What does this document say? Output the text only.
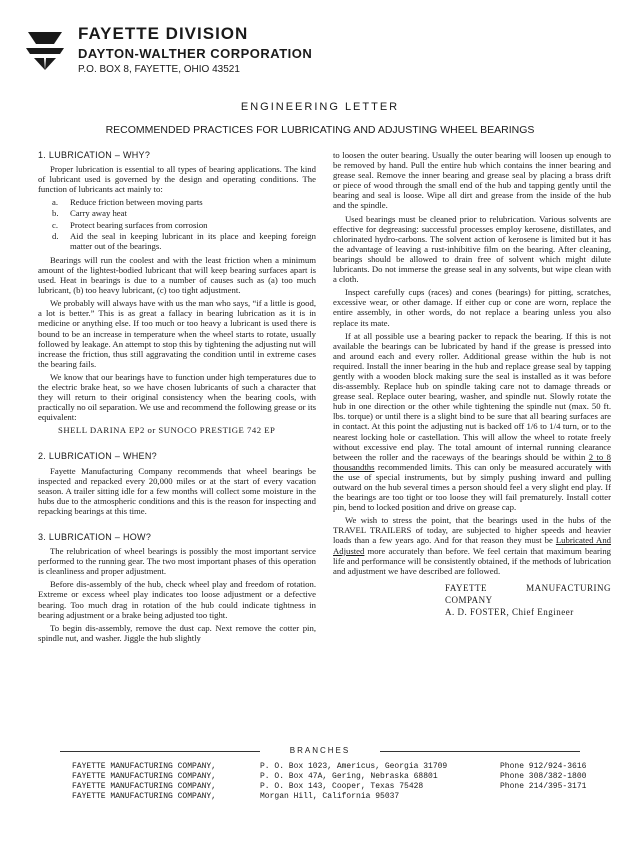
FAYETTE DIVISION
DAYTON-WALTHER CORPORATION
P.O. BOX 8, FAYETTE, OHIO 43521
ENGINEERING LETTER
RECOMMENDED PRACTICES FOR LUBRICATING AND ADJUSTING WHEEL BEARINGS
1. LUBRICATION – WHY?

Proper lubrication is essential to all types of bearing applications. The kind of lubricant used is governed by the design and operating conditions. The function of lubricants act mainly to:

a.	Reduce friction between moving parts
b.	Carry away heat
c.	Protect bearing surfaces from corrosion
d.	Aid the seal in keeping lubricant in its place and keeping foreign matter out of the bearings.

Bearings will run the coolest and with the least friction when a minimum amount of the lightest-bodied lubricant that will keep bearing surfaces apart is used. Heat in bearings is due to a number of causes such as (a) too much lubricant, (b) too heavy lubricant, (c) too tight adjustment.

We probably will always have with us the man who says, “if a little is good, a lot is better.” This is as great a fallacy in bearing lubrication as it is in medicine or anything else. If too much or too heavy a lubricant is used there is bound to be an increase in temperature when the wheel starts to rotate, usually followed by leakage. An attempt to stop this by tightening the adjusting nut will increase the friction, thus still aggravating the condition until in extreme cases the bearing fails.

We know that our bearings have to function under high temperatures due to the electric brake heat, so we have chosen lubricants of such a character that they will return to their original consistency when the bearing cools, with practically no oil separation. We use and recommend the following grease or its equivalent:

SHELL DARINA EP2 or SUNOCO PRESTIGE 742 EP
2. LUBRICATION – WHEN?

Fayette Manufacturing Company recommends that wheel bearings be inspected and repacked every 20,000 miles or at the start of every vacation season. A trailer sitting idle for a few months will collect some moisture in the hubs due to the atmospheric conditions and this is the reason for inspecting and repacking bearings at this time.

3. LUBRICATION – HOW?

The relubrication of wheel bearings is possibly the most important service performed to the running gear. The two most important phases of this operation is cleanliness and proper adjustment.

Before dis-assembly of the hub, check wheel play and freedom of rotation. Extreme or excess wheel play indicates too loose adjustment or a defective bearing. Too much drag in rotation of the hub could indicate tightness in bearing adjustment or a brake being adjusted too tight.

To begin dis-assembly, remove the dust cap. Next remove the cotter pin, spindle nut, and washer. Jiggle the hub slightly

to loosen the outer bearing. Usually the outer bearing will loosen up enough to be removed by hand. Pull the entire hub which contains the inner bearing and grease seal. Remove the inner bearing and grease seal by placing a brass drift or piece of wood through the small end of the hub and tapping gently until the bearing and seal is loose. Wipe all dirt and grease from the inside of the hub and the spindle.

Used bearings must be cleaned prior to relubrication. Various solvents are effective for degreasing: successful processes employ kerosene, distillates, and chlorinated hydro-carbons. The solvent action of kerosene is limited but it has the advantage of leaving a rust-inhibitive film on the bearing. After cleaning, bearings should be allowed to drain free of solvent which might dilute lubricants. Do not immerse the grease seal in any solvents, but wipe clean with a cloth.

Inspect carefully cups (races) and cones (bearings) for pitting, scratches, excessive wear, or other damage. If either cup or cone are worn, replace the entire assembly, in other words, do not replace a bearing unless you also replace its mate.

If at all possible use a bearing packer to repack the bearing. If this is not available the bearings can be lubricated by hand if the grease is pressed into and around each and every roller. Additional grease within the hub is not required. Install the inner bearing in the hub and replace grease seal by tapping gently with a wooden block making sure the seal is installed as it was before dis-assembly. Replace hub on spindle taking care not to damage threads or grease seal. Replace outer bearing, washer, and spindle nut. Slowly rotate the hub in one direction or the other while tightening the spindle nut (max. 50 ft. lbs. torque) or until there is a slight bind to be sure that all bearing surfaces are in contact. At this point the adjusting nut is backed off 1/6 to 1/4 turn, or to the nearest locking hole or castellation. This will allow the wheel to rotate freely without excessive end play. The total amount of internal running clearance between the roller and the raceways of the bearings should be within 2 to 8 thousandths recommended limits. This can only be measured accurately with the use of special instruments, but by simply pushing inward and pulling outward on the hub several times a person should feel a very slight end play. If the bearings are too tight or too loose they will fail prematurely. Install cotter pin, bend to locked position and drive on grease cap.

We wish to stress the point, that the bearings used in the hubs of the TRAVEL TRAILERS of today, are subjected to higher speeds and heavier loads than a few years ago. And for that reason they must be Lubricated And Adjusted more accurately than before. We feel certain that maximum bearing life and performance will be consistently obtained, if the methods of lubrication and adjustment we have described are followed.

FAYETTE MANUFACTURING COMPANY
A. D. FOSTER, Chief Engineer
BRANCHES
FAYETTE MANUFACTURING COMPANY,	P. O. Box 1023, Americus, Georgia 31709	Phone 912/924-3616
FAYETTE MANUFACTURING COMPANY,	P. O. Box 47A, Gering, Nebraska 68801	Phone 308/382-1800
FAYETTE MANUFACTURING COMPANY,	P. O. Box 143, Cooper, Texas 75428	Phone 214/395-3171
FAYETTE MANUFACTURING COMPANY,	Morgan Hill, California 95037
